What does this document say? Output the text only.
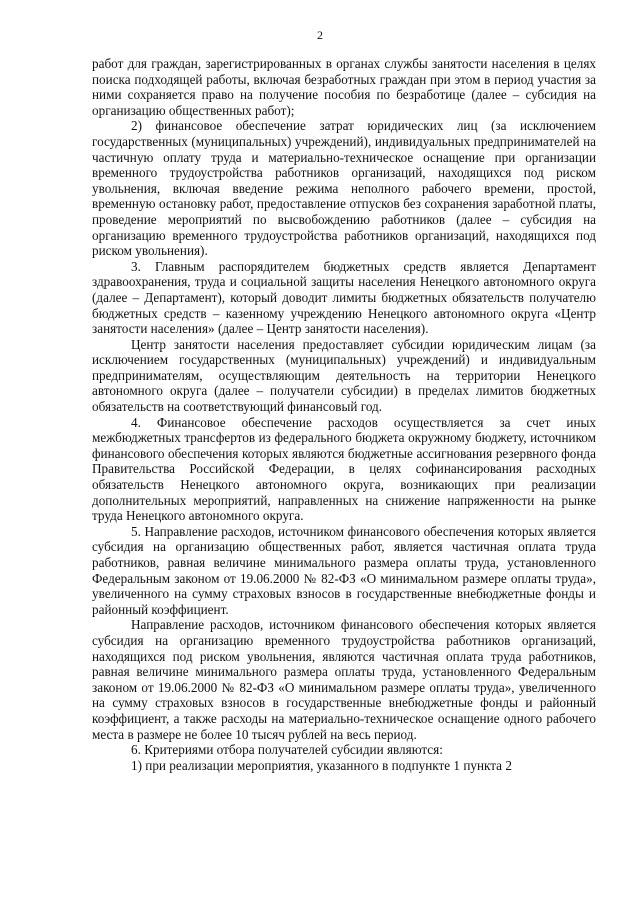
2

работ для граждан, зарегистрированных в органах службы занятости населения в целях поиска подходящей работы, включая безработных граждан при этом в период участия за ними сохраняется право на получение пособия по безработице (далее – субсидия на организацию общественных работ);

2) финансовое обеспечение затрат юридических лиц (за исключением государственных (муниципальных) учреждений), индивидуальных предпринимателей на частичную оплату труда и материально-техническое оснащение при организации временного трудоустройства работников организаций, находящихся под риском увольнения, включая введение режима неполного рабочего времени, простой, временную остановку работ, предоставление отпусков без сохранения заработной платы, проведение мероприятий по высвобождению работников (далее – субсидия на организацию временного трудоустройства работников организаций, находящихся под риском увольнения).

3. Главным распорядителем бюджетных средств является Департамент здравоохранения, труда и социальной защиты населения Ненецкого автономного округа (далее – Департамент), который доводит лимиты бюджетных обязательств получателю бюджетных средств – казенному учреждению Ненецкого автономного округа «Центр занятости населения» (далее – Центр занятости населения).

Центр занятости населения предоставляет субсидии юридическим лицам (за исключением государственных (муниципальных) учреждений) и индивидуальным предпринимателям, осуществляющим деятельность на территории Ненецкого автономного округа (далее – получатели субсидии) в пределах лимитов бюджетных обязательств на соответствующий финансовый год.

4. Финансовое обеспечение расходов осуществляется за счет иных межбюджетных трансфертов из федерального бюджета окружному бюджету, источником финансового обеспечения которых являются бюджетные ассигнования резервного фонда Правительства Российской Федерации, в целях софинансирования расходных обязательств Ненецкого автономного округа, возникающих при реализации дополнительных мероприятий, направленных на снижение напряженности на рынке труда Ненецкого автономного округа.

5. Направление расходов, источником финансового обеспечения которых является субсидия на организацию общественных работ, является частичная оплата труда работников, равная величине минимального размера оплаты труда, установленного Федеральным законом от 19.06.2000 № 82-ФЗ «О минимальном размере оплаты труда», увеличенного на сумму страховых взносов в государственные внебюджетные фонды и районный коэффициент.

Направление расходов, источником финансового обеспечения которых является субсидия на организацию временного трудоустройства работников организаций, находящихся под риском увольнения, являются частичная оплата труда работников, равная величине минимального размера оплаты труда, установленного Федеральным законом от 19.06.2000 № 82-ФЗ «О минимальном размере оплаты труда», увеличенного на сумму страховых взносов в государственные внебюджетные фонды и районный коэффициент, а также расходы на материально-техническое оснащение одного рабочего места в размере не более 10 тысяч рублей на весь период.

6. Критериями отбора получателей субсидии являются:

1) при реализации мероприятия, указанного в подпункте 1 пункта 2
